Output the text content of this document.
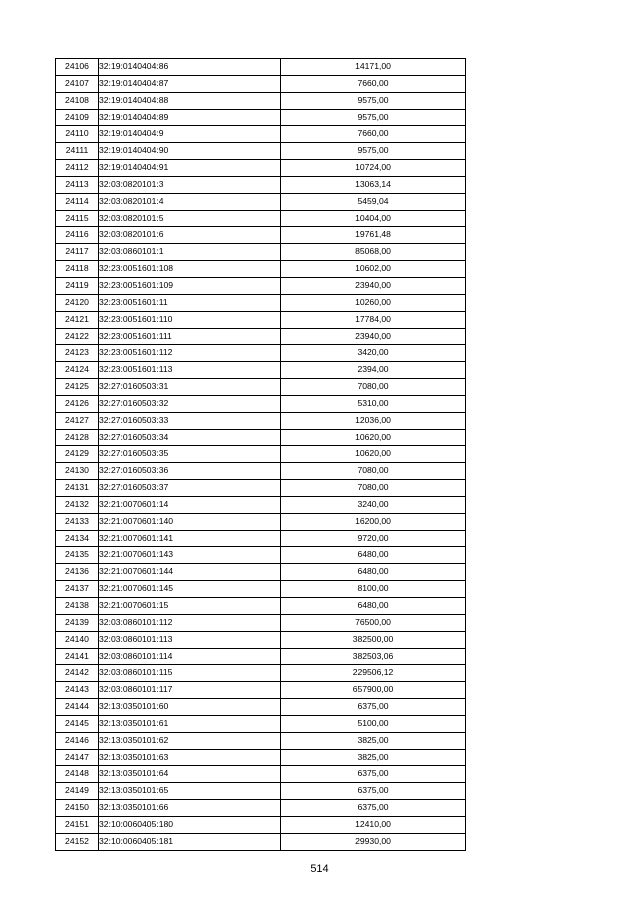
24106	32:19:0140404:86	14171,00
24107	32:19:0140404:87	7660,00
24108	32:19:0140404:88	9575,00
24109	32:19:0140404:89	9575,00
24110	32:19:0140404:9	7660,00
24111	32:19:0140404:90	9575,00
24112	32:19:0140404:91	10724,00
24113	32:03:0820101:3	13063,14
24114	32:03:0820101:4	5459,04
24115	32:03:0820101:5	10404,00
24116	32:03:0820101:6	19761,48
24117	32:03:0860101:1	85068,00
24118	32:23:0051601:108	10602,00
24119	32:23:0051601:109	23940,00
24120	32:23:0051601:11	10260,00
24121	32:23:0051601:110	17784,00
24122	32:23:0051601:111	23940,00
24123	32:23:0051601:112	3420,00
24124	32:23:0051601:113	2394,00
24125	32:27:0160503:31	7080,00
24126	32:27:0160503:32	5310,00
24127	32:27:0160503:33	12036,00
24128	32:27:0160503:34	10620,00
24129	32:27:0160503:35	10620,00
24130	32:27:0160503:36	7080,00
24131	32:27:0160503:37	7080,00
24132	32:21:0070601:14	3240,00
24133	32:21:0070601:140	16200,00
24134	32:21:0070601:141	9720,00
24135	32:21:0070601:143	6480,00
24136	32:21:0070601:144	6480,00
24137	32:21:0070601:145	8100,00
24138	32:21:0070601:15	6480,00
24139	32:03:0860101:112	76500,00
24140	32:03:0860101:113	382500,00
24141	32:03:0860101:114	382503,06
24142	32:03:0860101:115	229506,12
24143	32:03:0860101:117	657900,00
24144	32:13:0350101:60	6375,00
24145	32:13:0350101:61	5100,00
24146	32:13:0350101:62	3825,00
24147	32:13:0350101:63	3825,00
24148	32:13:0350101:64	6375,00
24149	32:13:0350101:65	6375,00
24150	32:13:0350101:66	6375,00
24151	32:10:0060405:180	12410,00
24152	32:10:0060405:181	29930,00
514
